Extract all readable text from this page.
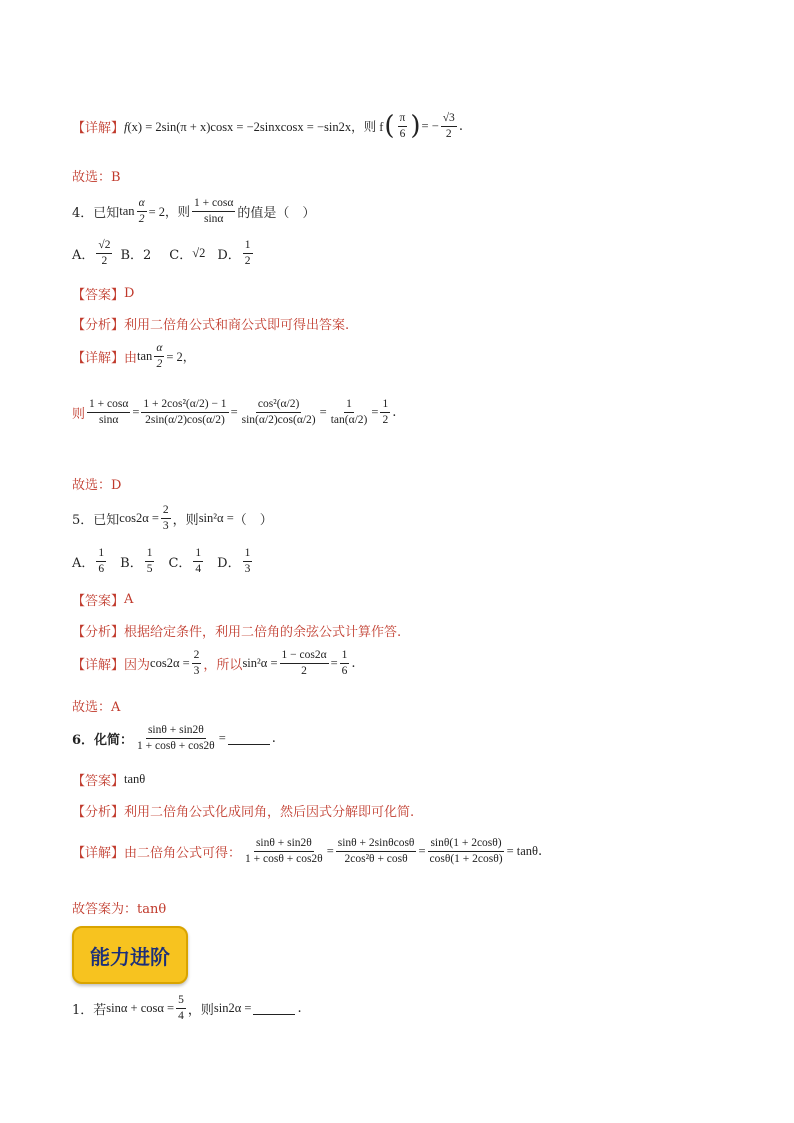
【详解】 f(x) = 2sin(π + x)cosx = −2sinxcosx = −sin2x，则 f ( $\frac{\pi}{6}$ ) = − $\frac{√3}{2}$ .
故选：B
4．已知 $\tan \frac{\alpha}{2} = 2$，则 $\frac{1 + \cos\alpha}{\sin\alpha}$ 的值是（　）
A． $\frac{√2}{2}$ B．2 C． √2 D． $\frac{1}{2}$
【答案】 D
【分析】 利用二倍角公式和商公式即可得出答案.
【详解】 由 $\tan \frac{\alpha}{2} = 2$，
则 $\frac{1 + \cos\alpha}{\sin\alpha} = \frac{\text{1 + 2cos²(α/2) − 1}}{2\sin(\alpha/2)\cos(\alpha/2)} = \frac{\text{cos²(α/2)}}{\sin(\alpha/2)\cos(\alpha/2)} = \frac{1}{\tan(\alpha/2)} = \frac{1}{2}$ .
故选：D
5．已知 $\cos 2\alpha = \frac{2}{3}$ ，则 sin²α = （　）
A． $\frac{1}{6}$ B． $\frac{1}{5}$ C． $\frac{1}{4}$ D． $\frac{1}{3}$
【答案】 A
【分析】 根据给定条件，利用二倍角的余弦公式计算作答.
【详解】 因为 $\cos 2\alpha = \frac{2}{3}$ ，所以 $\sin^2\alpha = \frac{1 - \cos 2\alpha}{2} = \frac{1}{6}$ .
故选：A
6．化简： $\frac{\sin\theta + \sin 2\theta}{1 + \cos\theta + \cos 2\theta}$ =	.
【答案】 tanθ
【分析】 利用二倍角公式化成同角，然后因式分解即可化简.
【详解】 由二倍角公式可得： $\frac{\sin\theta + \sin 2\theta}{1 + \cos\theta + \cos 2\theta} = \frac{\sin\theta + 2\sin\theta\cos\theta}{\text{2cos²θ + cosθ}} = \frac{\sin\theta(1 + 2\cos\theta)}{\cos\theta(1 + 2\cos\theta)} = \tan\theta$ .
故答案为：tanθ
能力进阶
1．若 $\sin\alpha + \cos\alpha = \frac{5}{4}$ ，则 sin2α =	.
